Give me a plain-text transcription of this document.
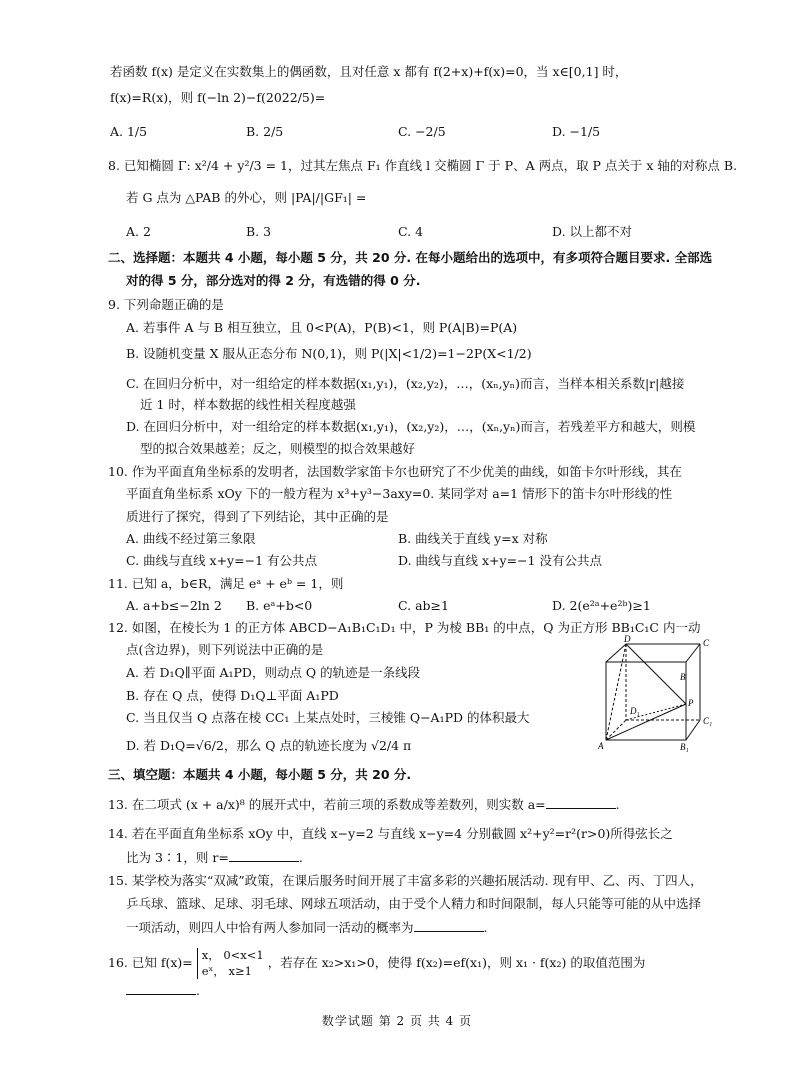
若函数 f(x) 是定义在实数集上的偶函数，且对任意 x 都有 f(2+x)+f(x)=0，当 x∈[0,1] 时，
f(x)=R(x)，则 f(−ln 2)−f(2022/5)=
A. 1/5	B. 2/5	C. −2/5	D. −1/5
8. 已知椭圆 Γ: x²/4 + y²/3 = 1，过其左焦点 F₁ 作直线 l 交椭圆 Γ 于 P、A 两点，取 P 点关于 x 轴的对称点 B.
若 G 点为 △PAB 的外心，则 |PA|/|GF₁| =
A. 2	B. 3	C. 4	D. 以上都不对
二、选择题：本题共 4 小题，每小题 5 分，共 20 分. 在每小题给出的选项中，有多项符合题目要求. 全部选
对的得 5 分，部分选对的得 2 分，有选错的得 0 分.
9. 下列命题正确的是
A. 若事件 A 与 B 相互独立，且 0<P(A)，P(B)<1，则 P(A|B)=P(A)
B. 设随机变量 X 服从正态分布 N(0,1)，则 P(|X|<1/2)=1−2P(X<1/2)
C. 在回归分析中，对一组给定的样本数据(x₁,y₁)，(x₂,y₂)，…，(xₙ,yₙ)而言，当样本相关系数|r|越接
近 1 时，样本数据的线性相关程度越强
D. 在回归分析中，对一组给定的样本数据(x₁,y₁)，(x₂,y₂)，…，(xₙ,yₙ)而言，若残差平方和越大，则模
型的拟合效果越差；反之，则模型的拟合效果越好
10. 作为平面直角坐标系的发明者，法国数学家笛卡尔也研究了不少优美的曲线，如笛卡尔叶形线，其在
平面直角坐标系 xOy 下的一般方程为 x³+y³−3axy=0. 某同学对 a=1 情形下的笛卡尔叶形线的性
质进行了探究，得到了下列结论，其中正确的是
A. 曲线不经过第三象限	B. 曲线关于直线 y=x 对称
C. 曲线与直线 x+y=−1 有公共点	D. 曲线与直线 x+y=−1 没有公共点
11. 已知 a，b∈R，满足 eᵃ + eᵇ = 1，则
A. a+b≤−2ln 2 B. eᵃ+b<0	C. ab≥1	D. 2(e²ᵃ+e²ᵇ)≥1
12. 如图，在棱长为 1 的正方体 ABCD−A₁B₁C₁D₁ 中，P 为棱 BB₁ 的中点，Q 为正方形 BB₁C₁C 内一动
点(含边界)，则下列说法中正确的是
A. 若 D₁Q∥平面 A₁PD，则动点 Q 的轨迹是一条线段
B. 存在 Q 点，使得 D₁Q⊥平面 A₁PD
C. 当且仅当 Q 点落在棱 CC₁ 上某点处时，三棱锥 Q−A₁PD 的体积最大
D. 若 D₁Q=√6/2，那么 Q 点的轨迹长度为 √2/4 π
D	C
B
P
D₁
C₁
A	B₁
三、填空题：本题共 4 小题，每小题 5 分，共 20 分.
13. 在二项式 (x + a/x)⁸ 的展开式中，若前三项的系数成等差数列，则实数 a=	.
14. 若在平面直角坐标系 xOy 中，直线 x−y=2 与直线 x−y=4 分别截圆 x²+y²=r²(r>0)所得弦长之
比为 3∶1，则 r=	.
15. 某学校为落实“双减”政策，在课后服务时间开展了丰富多彩的兴趣拓展活动. 现有甲、乙、丙、丁四人，
乒乓球、篮球、足球、羽毛球、网球五项活动，由于受个人精力和时间限制，每人只能等可能的从中选择
一项活动，则四人中恰有两人参加同一活动的概率为	.
16. 已知 f(x)=
x， 0<x<1
eˣ， x≥1
，若存在 x₂>x₁>0，使得 f(x₂)=ef(x₁)，则 x₁ · f(x₂) 的取值范围为
.
数学试题 第 2 页 共 4 页
